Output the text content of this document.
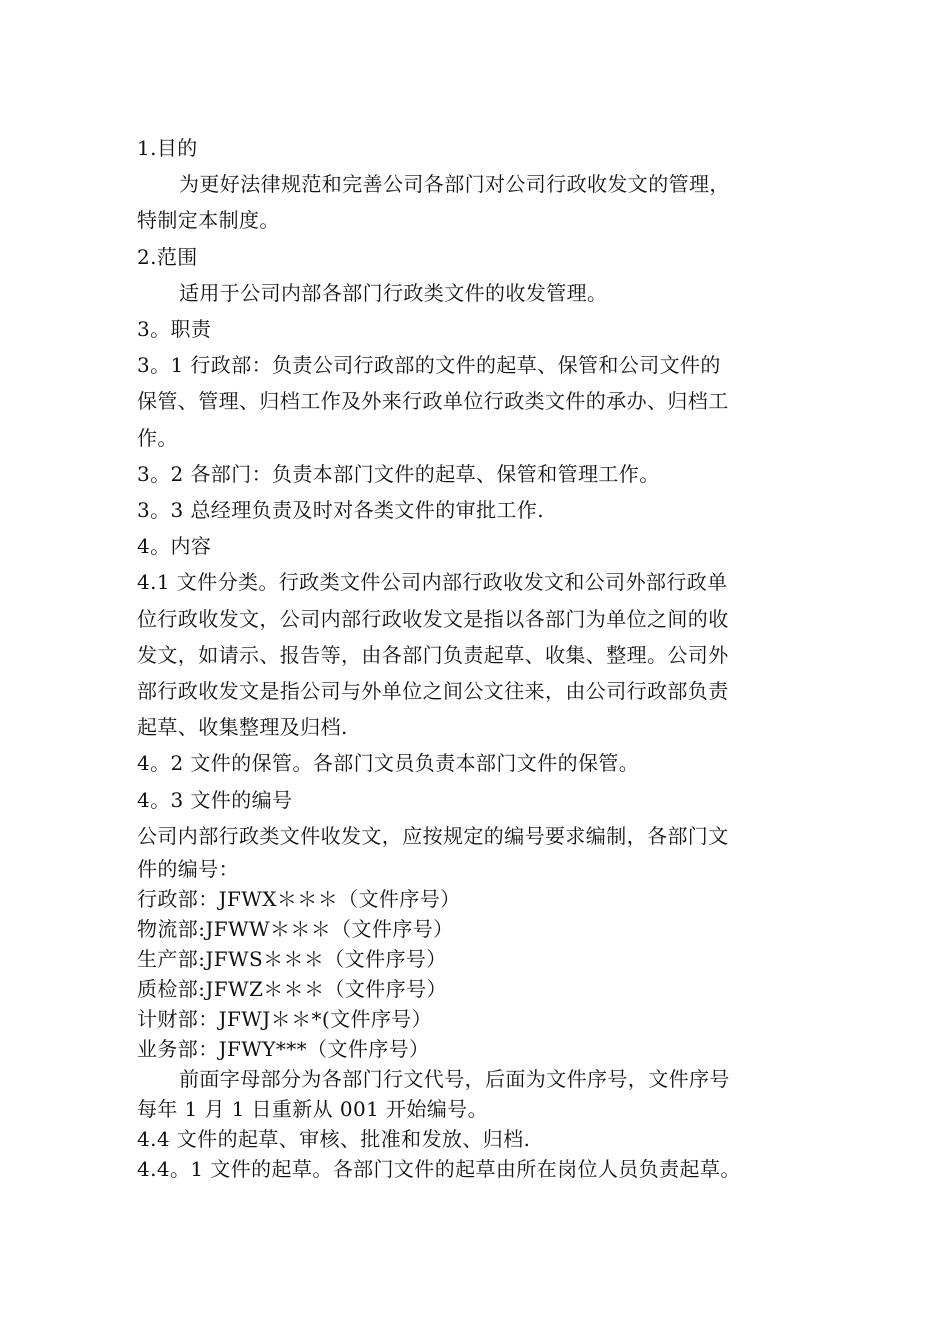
1.目的
为更好法律规范和完善公司各部门对公司行政收发文的管理，
特制定本制度。
2.范围
适用于公司内部各部门行政类文件的收发管理。
3。职责
3。1 行政部：负责公司行政部的文件的起草、保管和公司文件的
保管、管理、归档工作及外来行政单位行政类文件的承办、归档工
作。
3。2 各部门：负责本部门文件的起草、保管和管理工作。
3。3 总经理负责及时对各类文件的审批工作.
4。内容
4.1 文件分类。行政类文件公司内部行政收发文和公司外部行政单
位行政收发文，公司内部行政收发文是指以各部门为单位之间的收
发文，如请示、报告等，由各部门负责起草、收集、整理。公司外
部行政收发文是指公司与外单位之间公文往来，由公司行政部负责
起草、收集整理及归档.
4。2 文件的保管。各部门文员负责本部门文件的保管。
4。3 文件的编号
公司内部行政类文件收发文，应按规定的编号要求编制，各部门文
件的编号：
行政部：JFWX＊＊＊（文件序号）
物流部:JFWW＊＊＊（文件序号）
生产部:JFWS＊＊＊（文件序号）
质检部:JFWZ＊＊＊（文件序号）
计财部：JFWJ＊＊*(文件序号）
业务部：JFWY***（文件序号）
前面字母部分为各部门行文代号，后面为文件序号，文件序号
每年 1 月 1 日重新从 001 开始编号。
4.4 文件的起草、审核、批准和发放、归档.
4.4。1 文件的起草。各部门文件的起草由所在岗位人员负责起草。
